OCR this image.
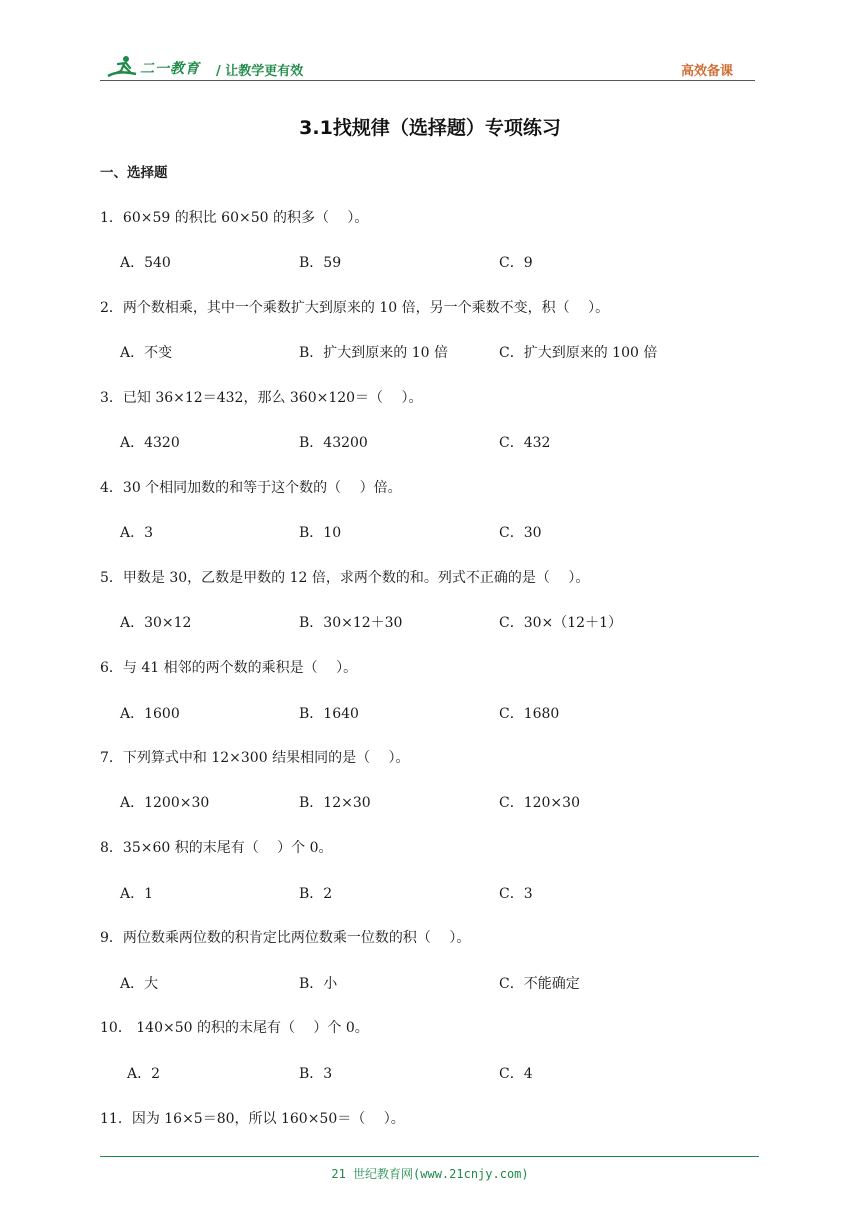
二一教育 / 让教学更有效	高效备课
3.1找规律（选择题）专项练习
一、选择题
1．60×59 的积比 60×50 的积多（　 ）。
A．540	B．59	C．9
2．两个数相乘，其中一个乘数扩大到原来的 10 倍，另一个乘数不变，积（　 ）。
A．不变	B．扩大到原来的 10 倍	C．扩大到原来的 100 倍
3．已知 36×12＝432，那么 360×120＝（　 ）。
A．4320	B．43200	C．432
4．30 个相同加数的和等于这个数的（　 ）倍。
A．3	B．10	C．30
5．甲数是 30，乙数是甲数的 12 倍，求两个数的和。列式不正确的是（　 ）。
A．30×12	B．30×12＋30	C．30×（12＋1）
6．与 41 相邻的两个数的乘积是（　 ）。
A．1600	B．1640	C．1680
7．下列算式中和 12×300 结果相同的是（　 ）。
A．1200×30	B．12×30	C．120×30
8．35×60 积的末尾有（　 ）个 0。
A．1	B．2	C．3
9．两位数乘两位数的积肯定比两位数乘一位数的积（　 ）。
A．大	B．小	C．不能确定
10． 140×50 的积的末尾有（　 ）个 0。
A．2	B．3	C．4
11．因为 16×5＝80，所以 160×50＝（　 ）。
21 世纪教育网(www.21cnjy.com)
